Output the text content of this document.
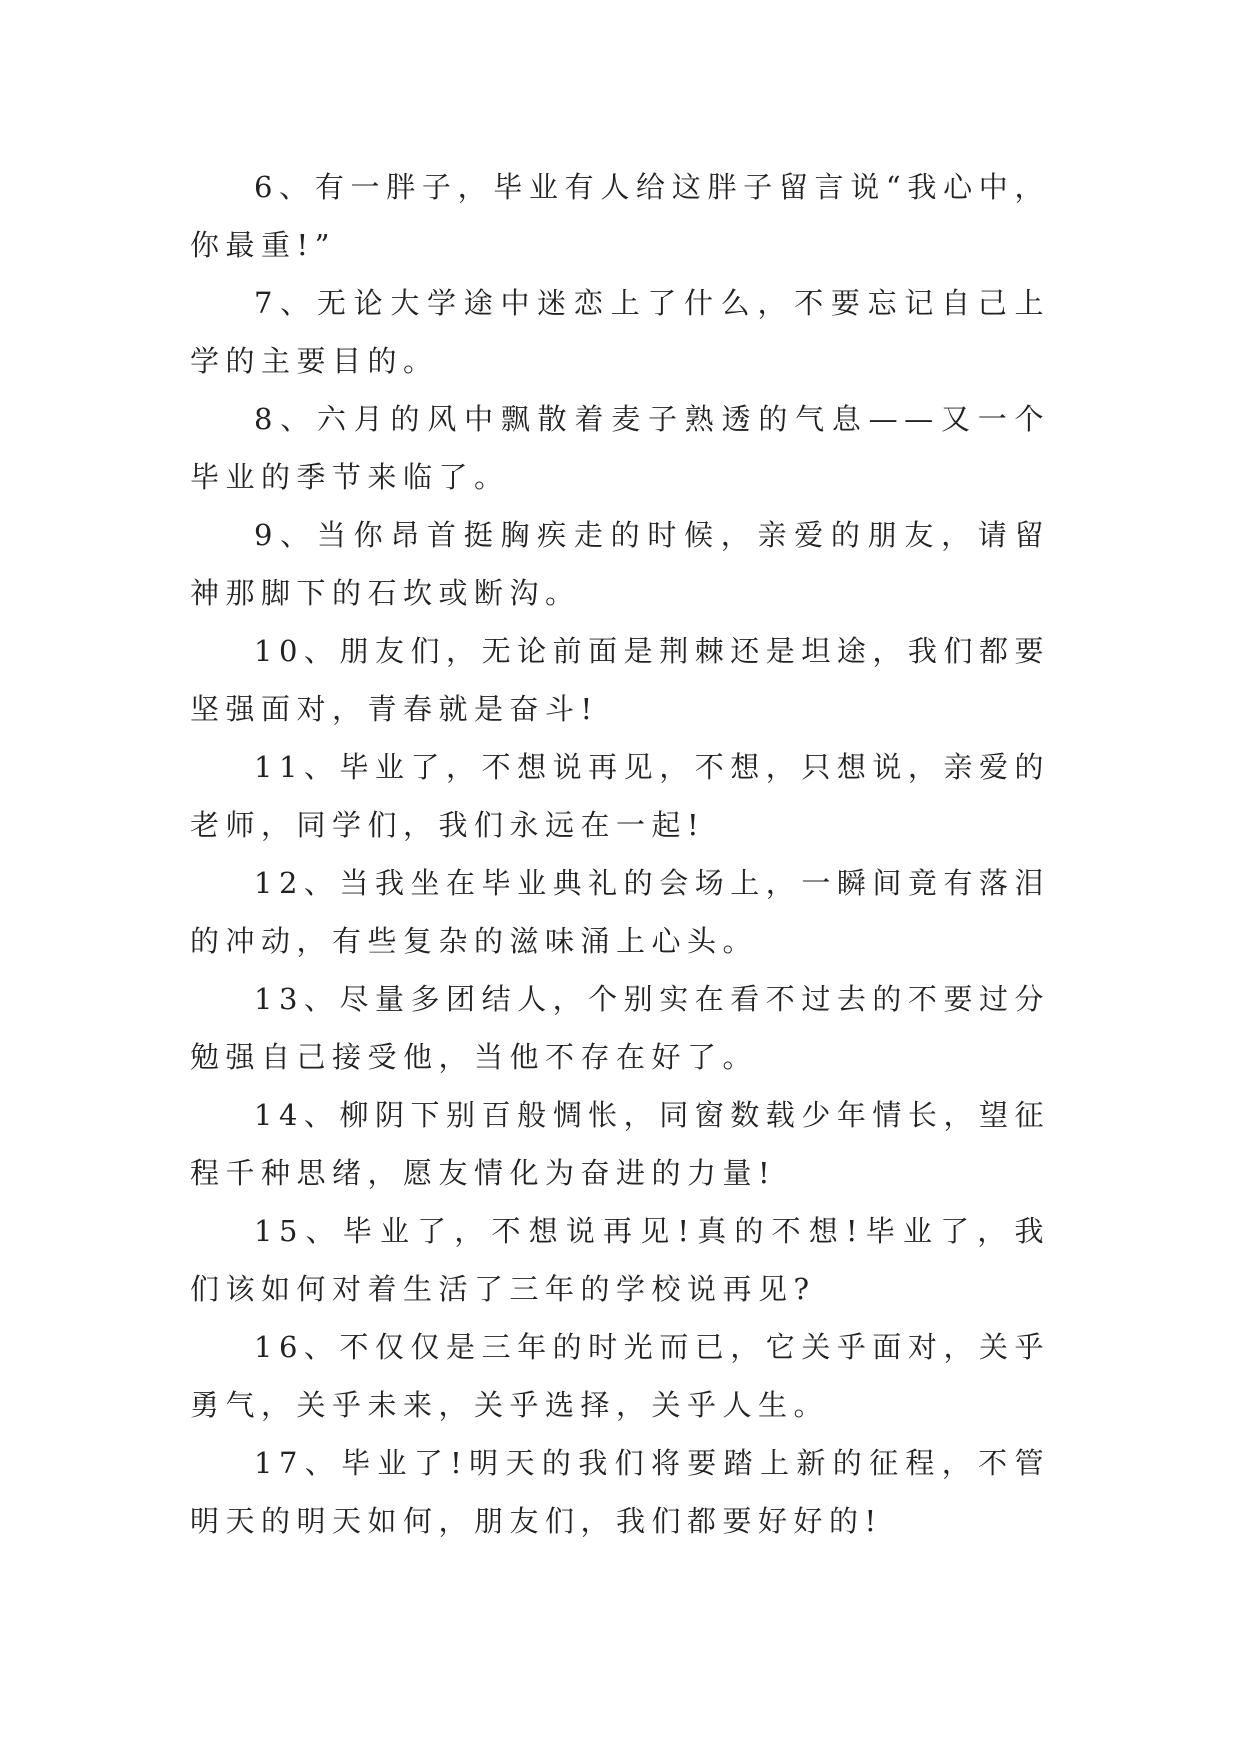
6、有一胖子，毕业有人给这胖子留言说“我心中，你最重!”

7、无论大学途中迷恋上了什么，不要忘记自己上学的主要目的。

8、六月的风中飘散着麦子熟透的气息——又一个毕业的季节来临了。

9、当你昂首挺胸疾走的时候，亲爱的朋友，请留神那脚下的石坎或断沟。

10、朋友们，无论前面是荆棘还是坦途，我们都要坚强面对，青春就是奋斗!

11、毕业了，不想说再见，不想，只想说，亲爱的老师，同学们，我们永远在一起!

12、当我坐在毕业典礼的会场上，一瞬间竟有落泪的冲动，有些复杂的滋味涌上心头。

13、尽量多团结人，个别实在看不过去的不要过分勉强自己接受他，当他不存在好了。

14、柳阴下别百般惆怅，同窗数载少年情长，望征程千种思绪，愿友情化为奋进的力量!

15、毕业了，不想说再见!真的不想!毕业了，我们该如何对着生活了三年的学校说再见?

16、不仅仅是三年的时光而已，它关乎面对，关乎勇气，关乎未来，关乎选择，关乎人生。

17、毕业了!明天的我们将要踏上新的征程，不管明天的明天如何，朋友们，我们都要好好的!
